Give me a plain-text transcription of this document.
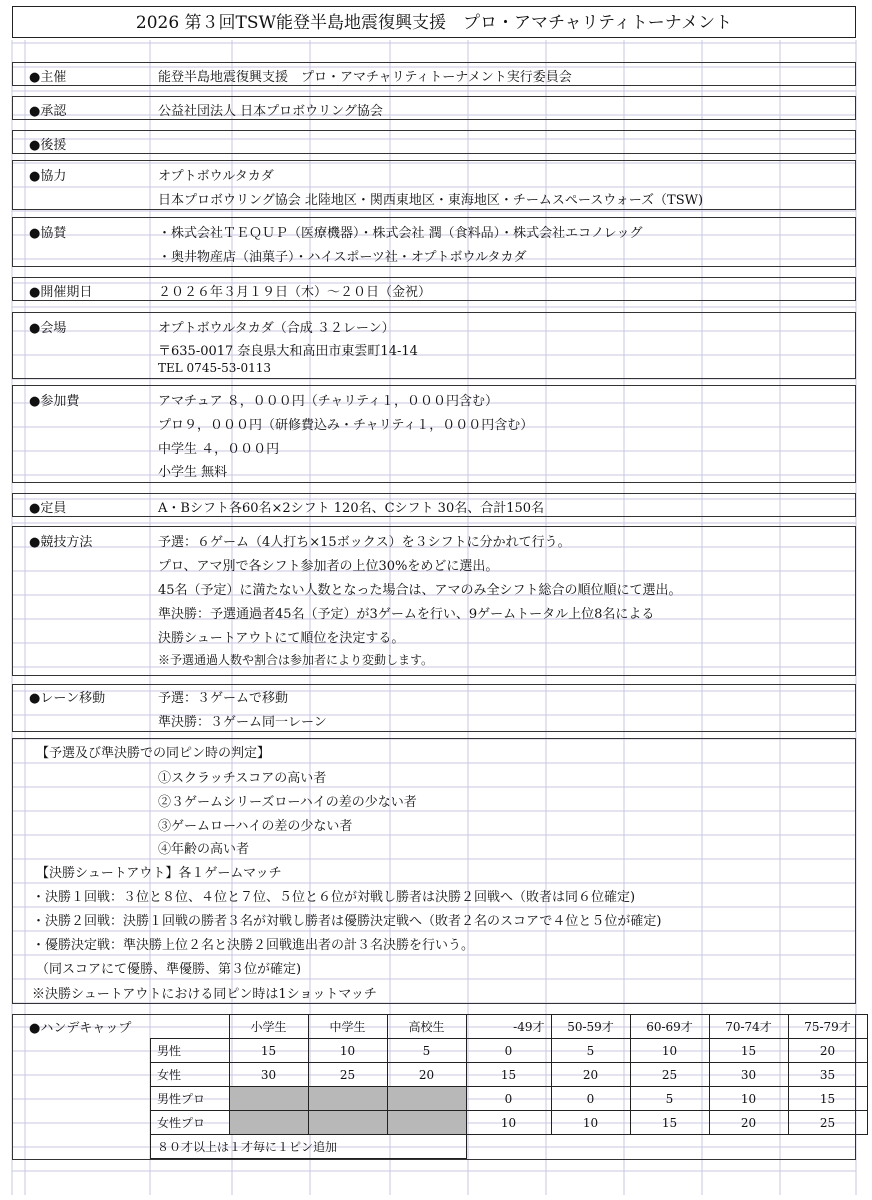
2026 第３回TSW能登半島地震復興支援　プロ・アマチャリティトーナメント
●主催	能登半島地震復興支援　プロ・アマチャリティトーナメント実行委員会
●承認	公益社団法人 日本プロボウリング協会
●後援
●協力	オプトボウルタカダ
日本プロボウリング協会 北陸地区・関西東地区・東海地区・チームスペースウォーズ（TSW)
●協賛	・株式会社ＴＥＱＵＰ（医療機器）・株式会社 潤（食料品）・株式会社エコノレッグ
・奥井物産店（油菓子）・ハイスポーツ社・オプトボウルタカダ
●開催期日	２０２６年３月１９日（木）～２０日（金祝）
●会場	オプトボウルタカダ（合成 ３２レーン）
〒635-0017 奈良県大和高田市東雲町14-14
TEL 0745-53-0113
●参加費	アマチュア ８，０００円（チャリティ１，０００円含む）
プロ９，０００円（研修費込み・チャリティ１，０００円含む）
中学生 ４，０００円
小学生 無料
●定員	A・Bシフト各60名×2シフト 120名、Cシフト 30名、合計150名
●競技方法	予選：６ゲーム（4人打ち×15ボックス）を３シフトに分かれて行う。
プロ、アマ別で各シフト参加者の上位30%をめどに選出。
45名（予定）に満たない人数となった場合は、アマのみ全シフト総合の順位順にて選出。
準決勝：予選通過者45名（予定）が3ゲームを行い、9ゲームトータル上位8名による
決勝シュートアウトにて順位を決定する。
※予選通過人数や割合は参加者により変動します。
●レーン移動	予選：３ゲームで移動
準決勝：３ゲーム同一レーン
【予選及び準決勝での同ピン時の判定】
①スクラッチスコアの高い者
②３ゲームシリーズローハイの差の少ない者
③ゲームローハイの差の少ない者
④年齢の高い者
【決勝シュートアウト】各１ゲームマッチ
・決勝１回戦：３位と８位、４位と７位、５位と６位が対戦し勝者は決勝２回戦へ（敗者は同６位確定)
・決勝２回戦：決勝１回戦の勝者３名が対戦し勝者は優勝決定戦へ（敗者２名のスコアで４位と５位が確定)
・優勝決定戦：準決勝上位２名と決勝２回戦進出者の計３名決勝を行いう。
（同スコアにて優勝、準優勝、第３位が確定)
※決勝シュートアウトにおける同ピン時は1ショットマッチ
●ハンデキャップ
		小学生	中学生	高校生	-49才	50-59才	60-69才	70-74才	75-79才
男性	15	10	5	0	5	10	15	20
女性	30	25	20	15	20	25	30	35
男性プロ				0	0	5	10	15
女性プロ				10	10	15	20	25
８０才以上は１才毎に１ピン追加								
